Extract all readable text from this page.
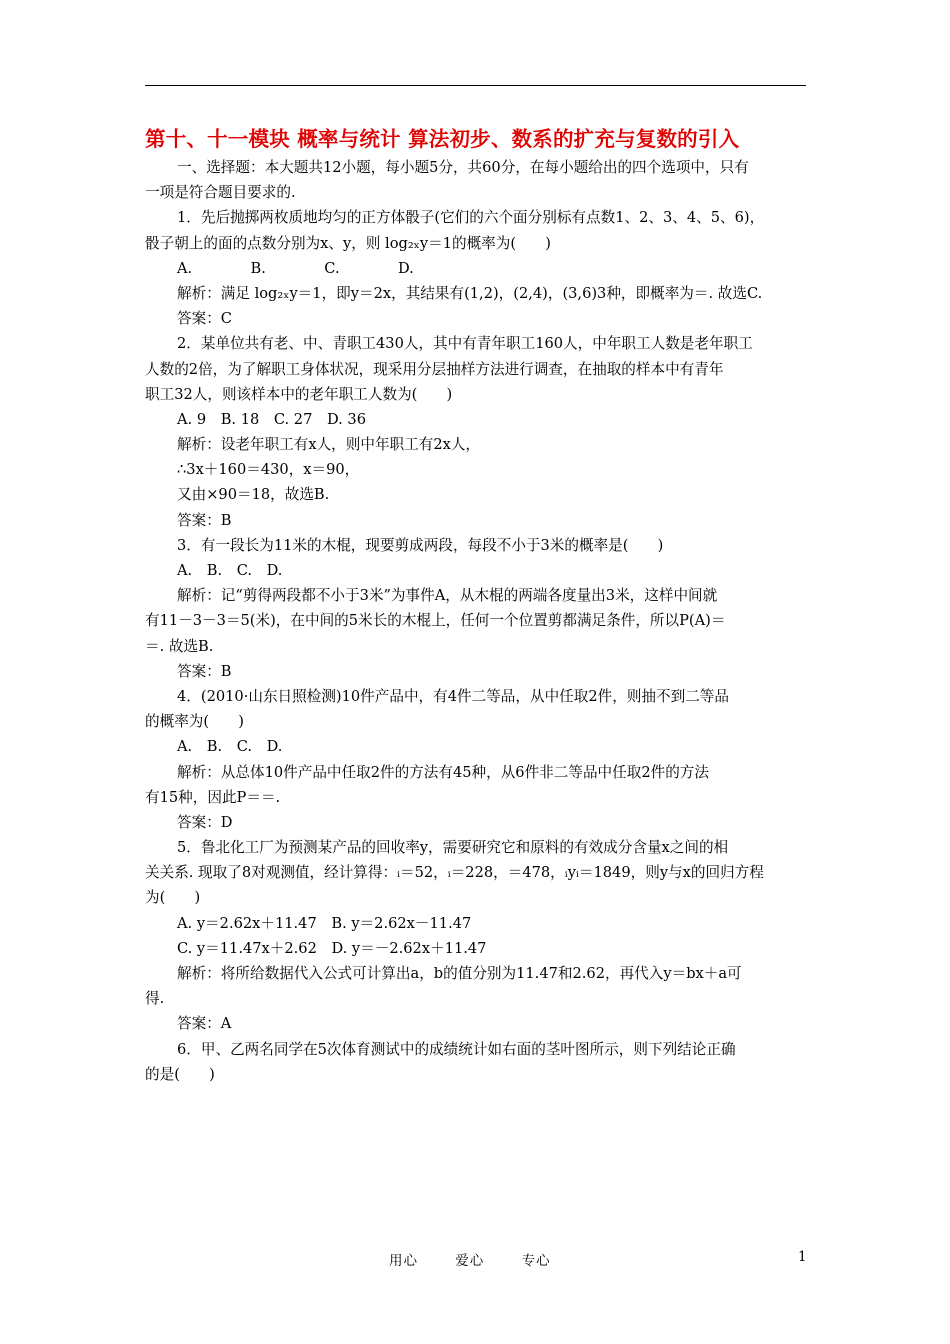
第十、十一模块 概率与统计 算法初步、数系的扩充与复数的引入
一、选择题：本大题共12小题，每小题5分，共60分，在每小题给出的四个选项中，只有
一项是符合题目要求的.
1．先后抛掷两枚质地均匀的正方体骰子(它们的六个面分别标有点数1、2、3、4、5、6)，
骰子朝上的面的点数分别为x、y，则 log₂ₓy＝1的概率为(　　)
A.　　　　B.　　　　C.　　　　D.
解析：满足 log₂ₓy＝1，即y＝2x，其结果有(1,2)，(2,4)，(3,6)3种，即概率为＝. 故选C.
答案：C
2．某单位共有老、中、青职工430人，其中有青年职工160人，中年职工人数是老年职工
人数的2倍，为了解职工身体状况，现采用分层抽样方法进行调查，在抽取的样本中有青年
职工32人，则该样本中的老年职工人数为(　　)
A. 9　B. 18　C. 27　D. 36
解析：设老年职工有x人，则中年职工有2x人，
∴3x＋160＝430，x＝90，
又由×90＝18，故选B.
答案：B
3．有一段长为11米的木棍，现要剪成两段，每段不小于3米的概率是(　　)
A.　B.　C.　D.
解析：记“剪得两段都不小于3米”为事件A，从木棍的两端各度量出3米，这样中间就
有11－3－3＝5(米)，在中间的5米长的木棍上，任何一个位置剪都满足条件，所以P(A)＝
＝. 故选B.
答案：B
4．(2010·山东日照检测)10件产品中，有4件二等品，从中任取2件，则抽不到二等品
的概率为(　　)
A.　B.　C.　D.
解析：从总体10件产品中任取2件的方法有45种，从6件非二等品中任取2件的方法
有15种，因此P＝＝.
答案：D
5．鲁北化工厂为预测某产品的回收率y，需要研究它和原料的有效成分含量x之间的相
关关系. 现取了8对观测值，经计算得：ᵢ＝52，ᵢ＝228，＝478，ᵢyᵢ＝1849，则y与x的回归方程
为(　　)
A. y＝2.62x＋11.47　B. y＝2.62x－11.47
C. y＝11.47x＋2.62　D. y＝－2.62x＋11.47
解析：将所给数据代入公式可计算出a，b的值分别为11.47和2.62，再代入y＝bx＋a可
得.
答案：A
6．甲、乙两名同学在5次体育测试中的成绩统计如右面的茎叶图所示，则下列结论正确
的是(　　)
用心	爱心	专心	1
